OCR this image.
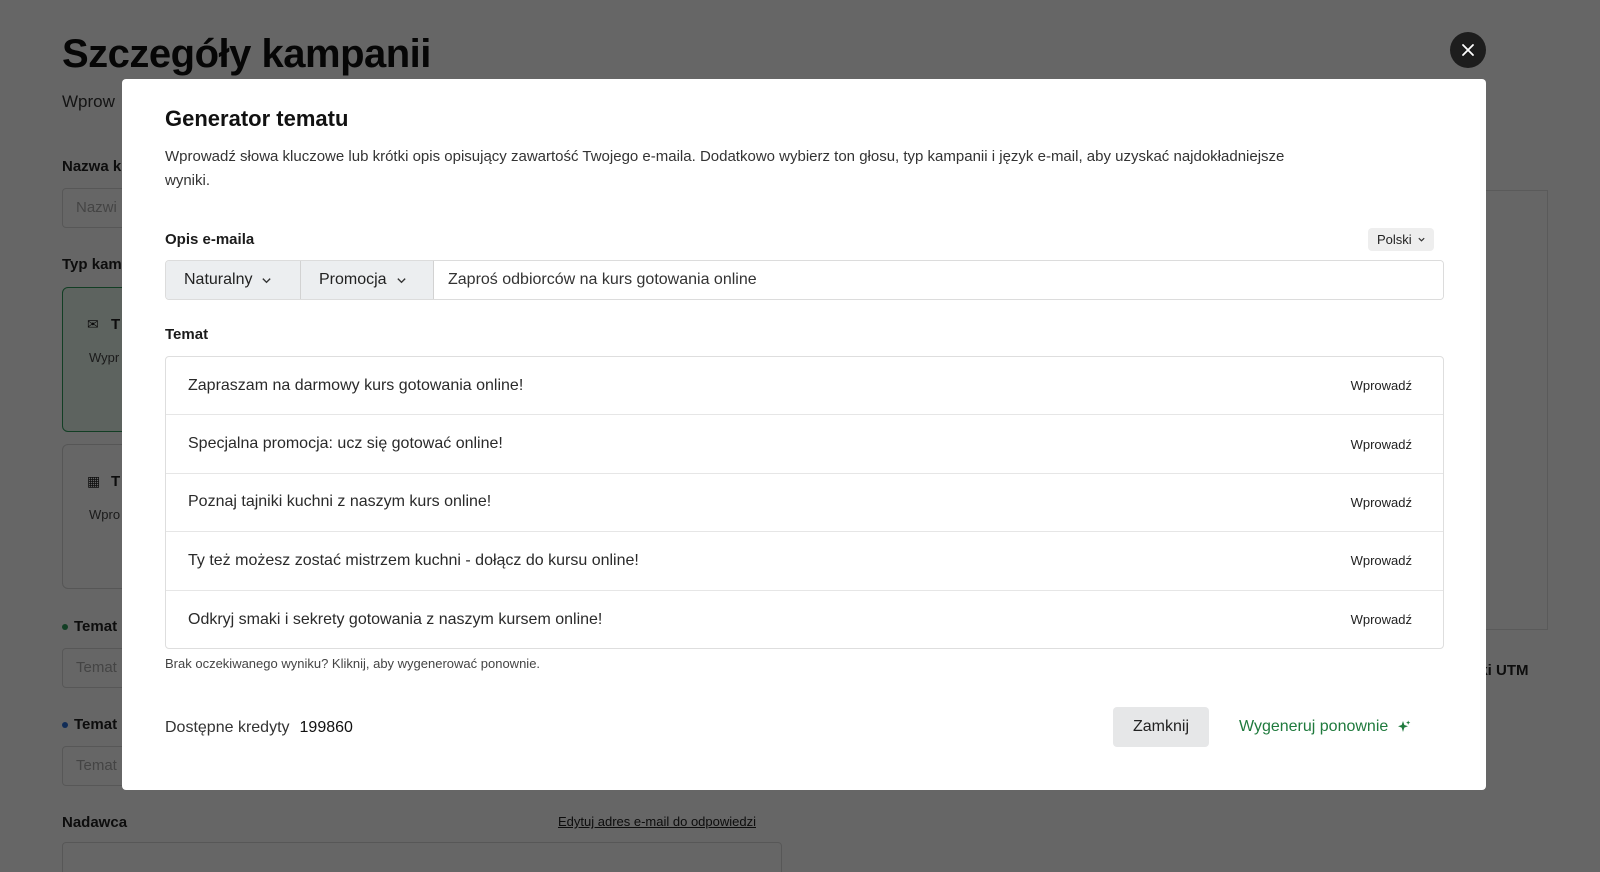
Generator tematu
Wprowadź słowa kluczowe lub krótki opis opisujący zawartość Twojego e-maila. Dodatkowo wybierz ton głosu, typ kampanii i język e-mail, aby uzyskać najdokładniejsze wyniki.
Opis e-maila	Polski
Naturalny	Promocja
Zaproś odbiorców na kurs gotowania online
Temat
Zapraszam na darmowy kurs gotowania online!	Wprowadź
Specjalna promocja: ucz się gotować online!	Wprowadź
Poznaj tajniki kuchni z naszym kurs online!	Wprowadź
Ty też możesz zostać mistrzem kuchni - dołącz do kursu online!	Wprowadź
Odkryj smaki i sekrety gotowania z naszym kursem online!	Wprowadź
Brak oczekiwanego wyniku? Kliknij, aby wygenerować ponownie.
Dostępne kredyty 199860	Zamknij	Wygeneruj ponownie
